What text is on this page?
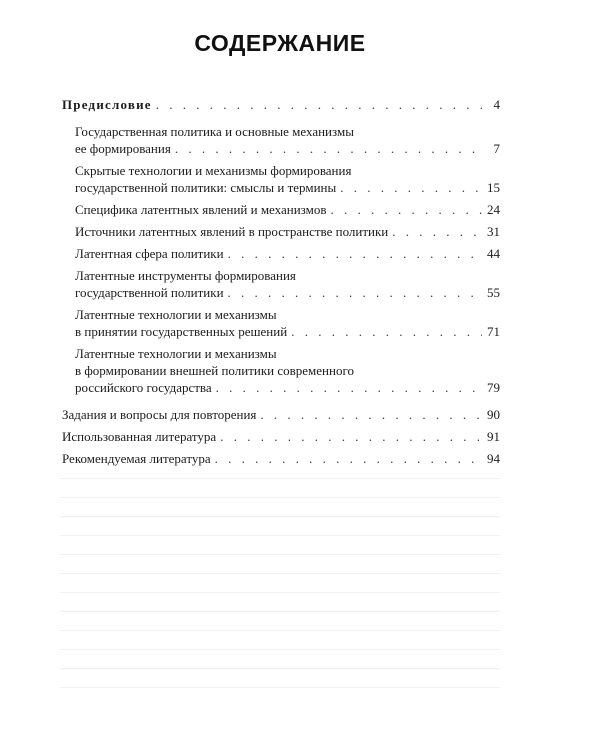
СОДЕРЖАНИЕ
Предисловие . . .	4
Государственная политика и основные механизмы
ее формирования . . .	7
Скрытые технологии и механизмы формирования
государственной политики: смыслы и термины . . .	15
Специфика латентных явлений и механизмов . . .	24
Источники латентных явлений в пространстве политики . . .	31
Латентная сфера политики . . .	44
Латентные инструменты формирования
государственной политики . . .	55
Латентные технологии и механизмы
в принятии государственных решений . . .	71
Латентные технологии и механизмы
в формировании внешней политики современного
российского государства . . .	79
Задания и вопросы для повторения . . .	90
Использованная литература . . .	91
Рекомендуемая литература . . .	94
